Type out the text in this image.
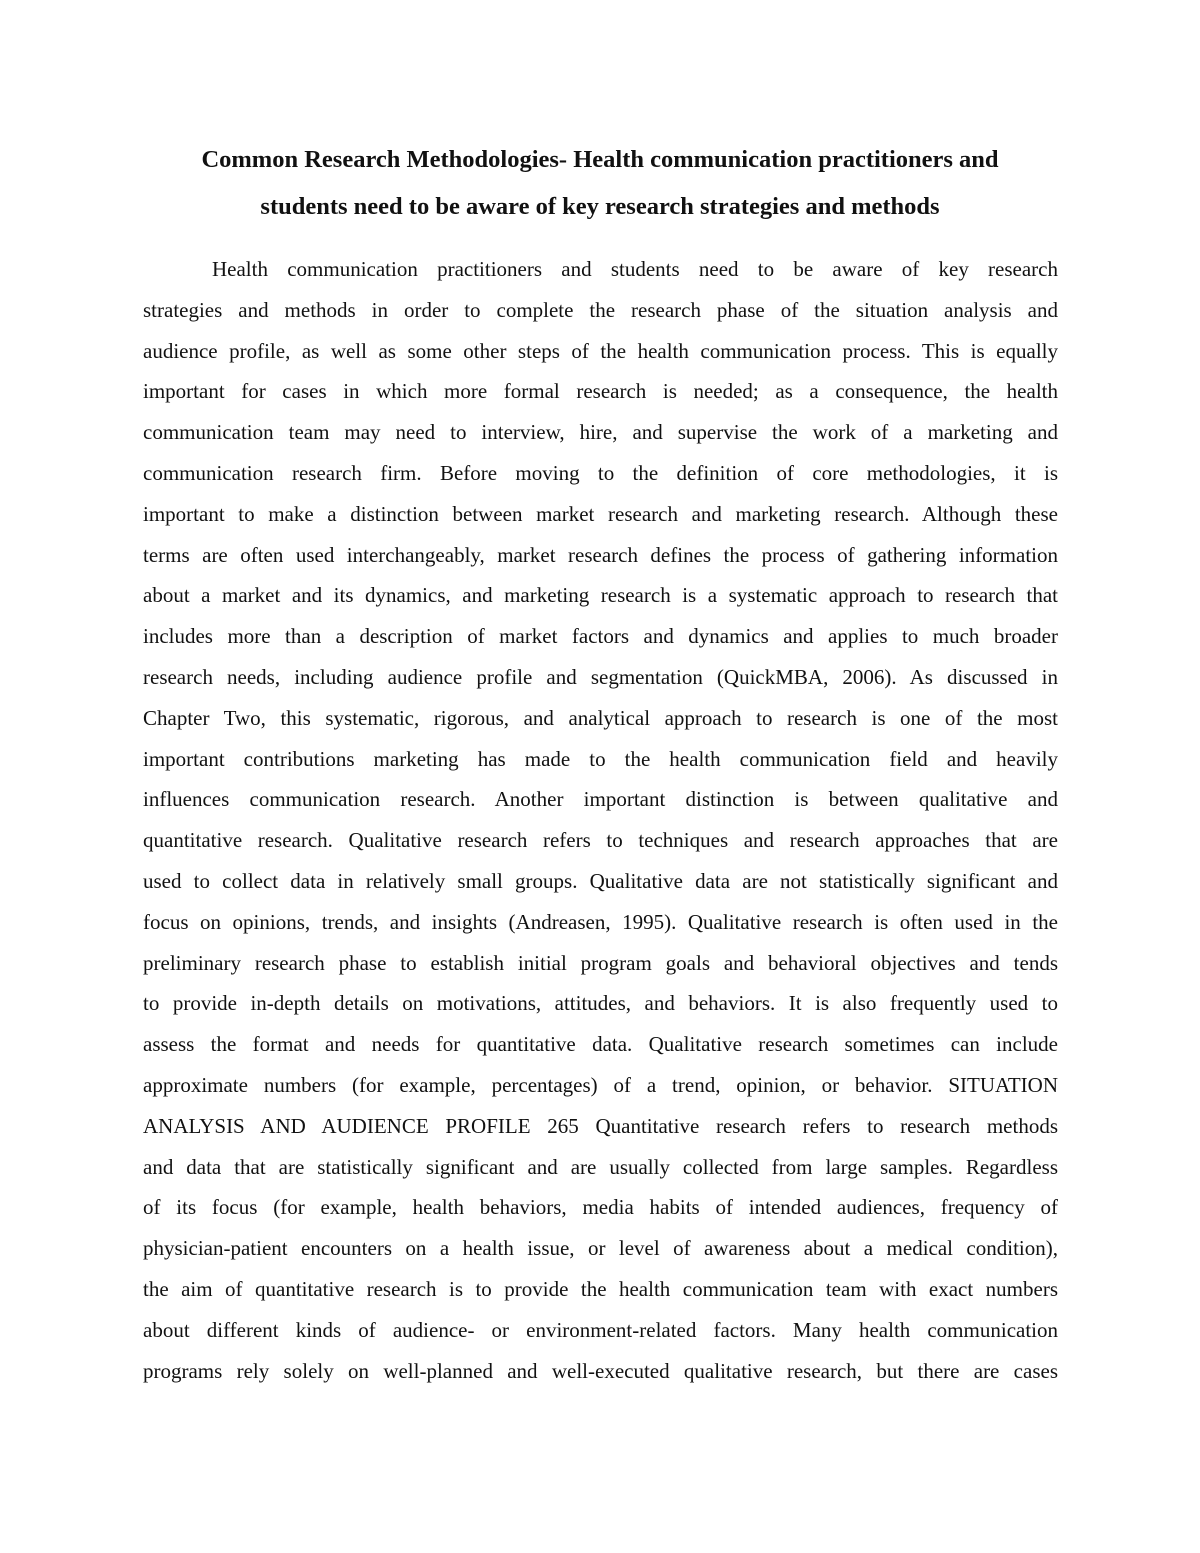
Common Research Methodologies- Health communication practitioners and
students need to be aware of key research strategies and methods
Health communication practitioners and students need to be aware of key research
strategies and methods in order to complete the research phase of the situation analysis and
audience profile, as well as some other steps of the health communication process. This is equally
important for cases in which more formal research is needed; as a consequence, the health
communication team may need to interview, hire, and supervise the work of a marketing and
communication research firm. Before moving to the definition of core methodologies, it is
important to make a distinction between market research and marketing research. Although these
terms are often used interchangeably, market research defines the process of gathering information
about a market and its dynamics, and marketing research is a systematic approach to research that
includes more than a description of market factors and dynamics and applies to much broader
research needs, including audience profile and segmentation (QuickMBA, 2006). As discussed in
Chapter Two, this systematic, rigorous, and analytical approach to research is one of the most
important contributions marketing has made to the health communication field and heavily
influences communication research. Another important distinction is between qualitative and
quantitative research. Qualitative research refers to techniques and research approaches that are
used to collect data in relatively small groups. Qualitative data are not statistically significant and
focus on opinions, trends, and insights (Andreasen, 1995). Qualitative research is often used in the
preliminary research phase to establish initial program goals and behavioral objectives and tends
to provide in-depth details on motivations, attitudes, and behaviors. It is also frequently used to
assess the format and needs for quantitative data. Qualitative research sometimes can include
approximate numbers (for example, percentages) of a trend, opinion, or behavior. SITUATION
ANALYSIS AND AUDIENCE PROFILE 265 Quantitative research refers to research methods
and data that are statistically significant and are usually collected from large samples. Regardless
of its focus (for example, health behaviors, media habits of intended audiences, frequency of
physician-patient encounters on a health issue, or level of awareness about a medical condition),
the aim of quantitative research is to provide the health communication team with exact numbers
about different kinds of audience- or environment-related factors. Many health communication
programs rely solely on well-planned and well-executed qualitative research, but there are cases
